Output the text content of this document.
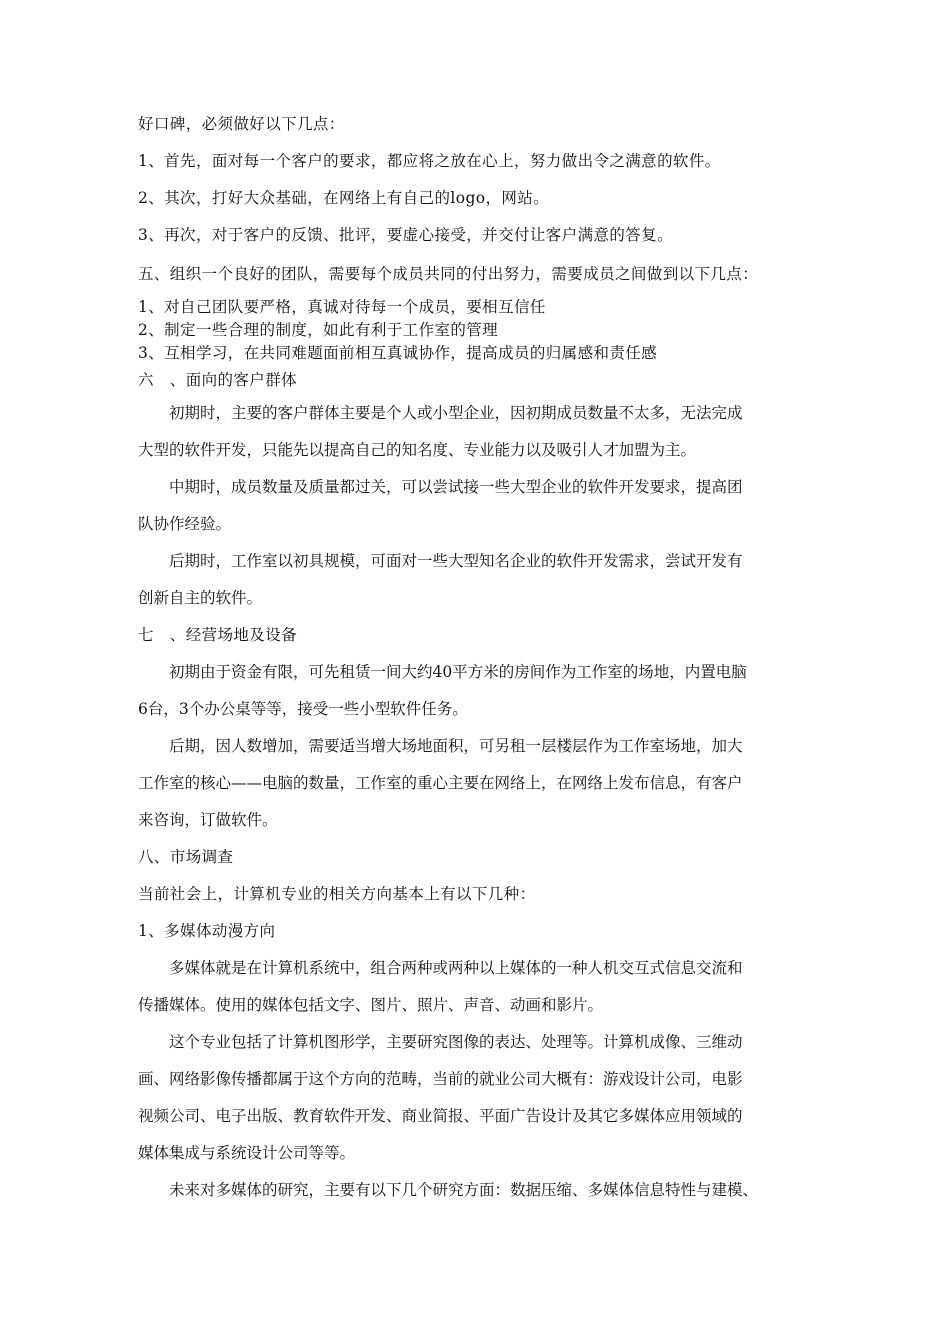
好口碑，必须做好以下几点：

1、首先，面对每一个客户的要求，都应将之放在心上，努力做出令之满意的软件。

2、其次，打好大众基础，在网络上有自己的logo，网站。

3、再次，对于客户的反馈、批评，要虚心接受，并交付让客户满意的答复。

五、组织一个良好的团队，需要每个成员共同的付出努力，需要成员之间做到以下几点：

1、对自己团队要严格，真诚对待每一个成员，要相互信任

2、制定一些合理的制度，如此有利于工作室的管理

3、互相学习，在共同难题面前相互真诚协作，提高成员的归属感和责任感

六　、面向的客户群体

初期时，主要的客户群体主要是个人或小型企业，因初期成员数量不太多，无法完成
大型的软件开发，只能先以提高自己的知名度、专业能力以及吸引人才加盟为主。
中期时，成员数量及质量都过关，可以尝试接一些大型企业的软件开发要求，提高团
队协作经验。
后期时，工作室以初具规模，可面对一些大型知名企业的软件开发需求，尝试开发有
创新自主的软件。

七　、经营场地及设备

初期由于资金有限，可先租赁一间大约40平方米的房间作为工作室的场地，内置电脑
6台，3个办公桌等等，接受一些小型软件任务。
后期，因人数增加，需要适当增大场地面积，可另租一层楼层作为工作室场地，加大
工作室的核心——电脑的数量，工作室的重心主要在网络上，在网络上发布信息，有客户
来咨询，订做软件。

八、市场调查

当前社会上，计算机专业的相关方向基本上有以下几种：

1、多媒体动漫方向

多媒体就是在计算机系统中，组合两种或两种以上媒体的一种人机交互式信息交流和
传播媒体。使用的媒体包括文字、图片、照片、声音、动画和影片。
这个专业包括了计算机图形学，主要研究图像的表达、处理等。计算机成像、三维动
画、网络影像传播都属于这个方向的范畴，当前的就业公司大概有：游戏设计公司，电影
视频公司、电子出版、教育软件开发、商业简报、平面广告设计及其它多媒体应用领域的
媒体集成与系统设计公司等等。
未来对多媒体的研究，主要有以下几个研究方面：数据压缩、多媒体信息特性与建模、
